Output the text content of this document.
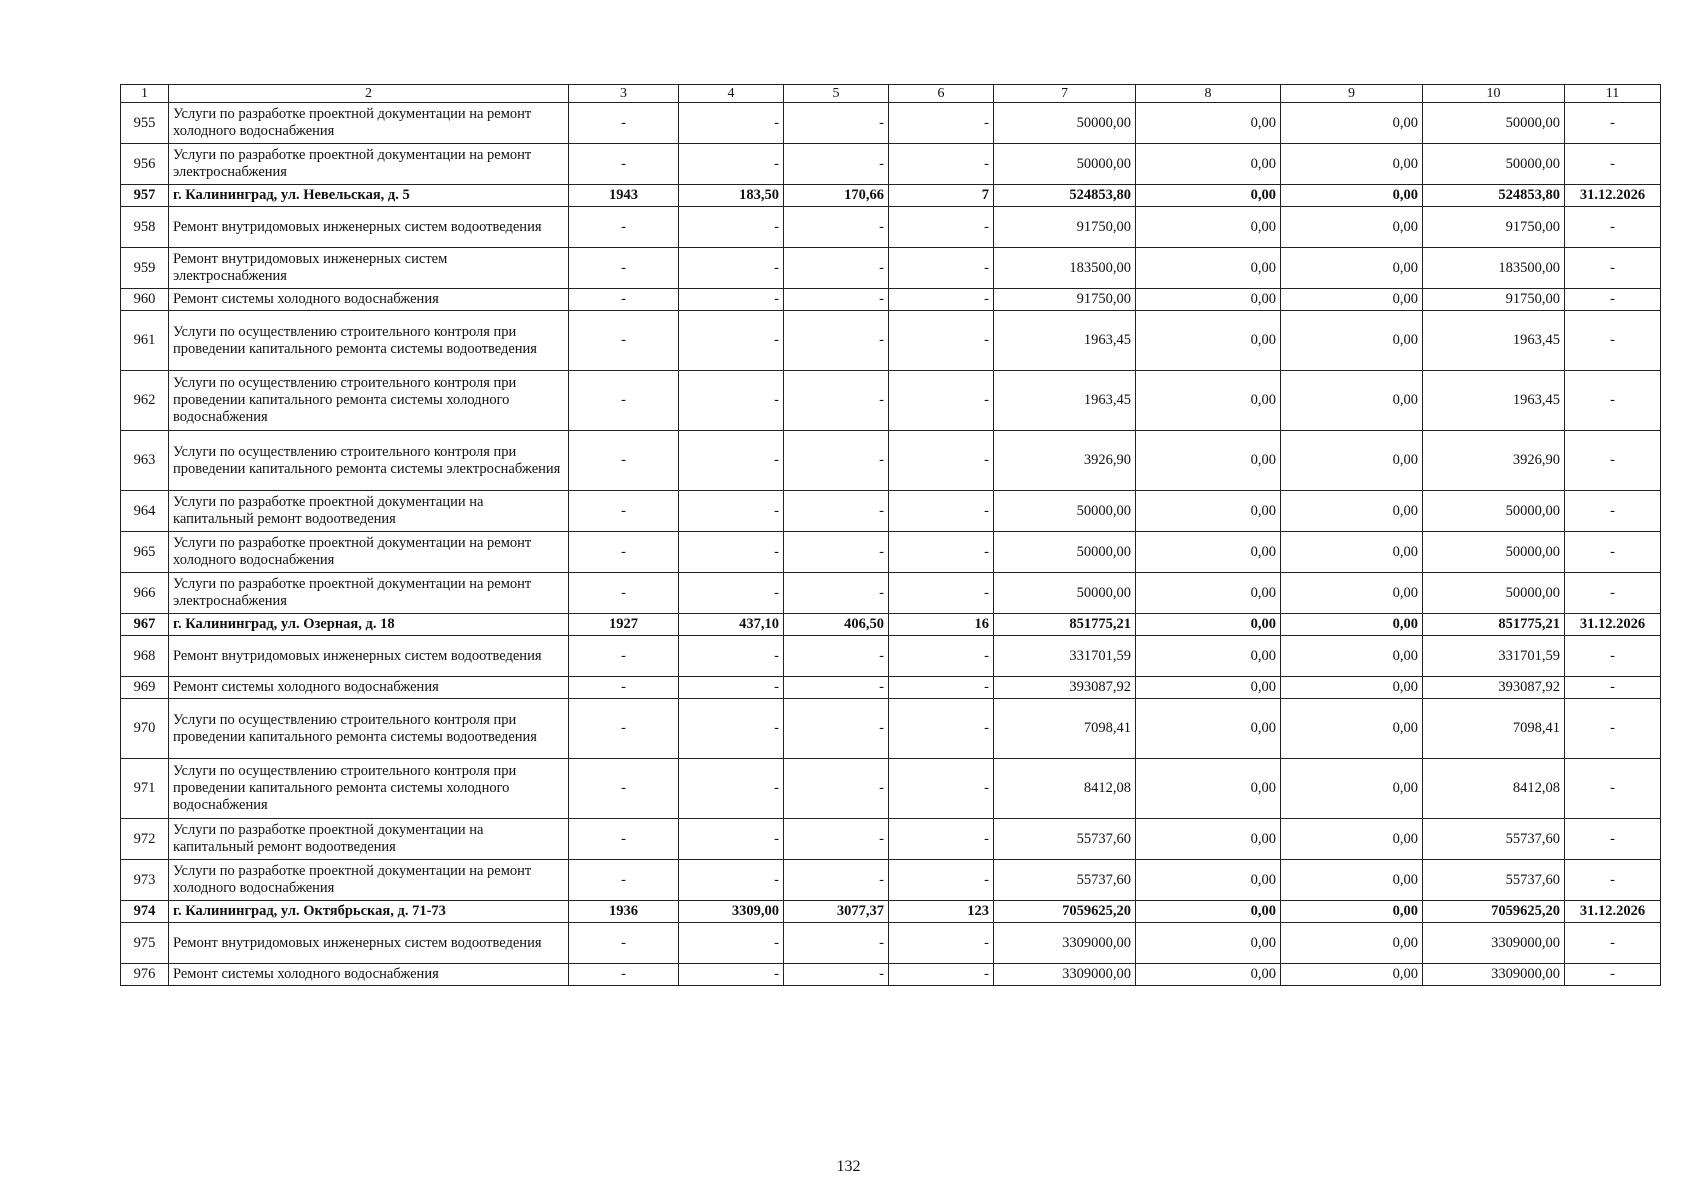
1	2	3	4	5	6	7	8	9	10	11
955	Услуги по разработке проектной документации на ремонт холодного водоснабжения	-	-	-	-	50000,00	0,00	0,00	50000,00	-
956	Услуги по разработке проектной документации на ремонт электроснабжения	-	-	-	-	50000,00	0,00	0,00	50000,00	-
957	г. Калининград, ул. Невельская, д. 5	1943	183,50	170,66	7	524853,80	0,00	0,00	524853,80	31.12.2026
958	Ремонт внутридомовых инженерных систем водоотведения	-	-	-	-	91750,00	0,00	0,00	91750,00	-
959	Ремонт внутридомовых инженерных систем электроснабжения	-	-	-	-	183500,00	0,00	0,00	183500,00	-
960	Ремонт системы холодного водоснабжения	-	-	-	-	91750,00	0,00	0,00	91750,00	-
961	Услуги по осуществлению строительного контроля при проведении капитального ремонта системы водоотведения	-	-	-	-	1963,45	0,00	0,00	1963,45	-
962	Услуги по осуществлению строительного контроля при проведении капитального ремонта системы холодного водоснабжения	-	-	-	-	1963,45	0,00	0,00	1963,45	-
963	Услуги по осуществлению строительного контроля при проведении капитального ремонта системы электроснабжения	-	-	-	-	3926,90	0,00	0,00	3926,90	-
964	Услуги по разработке проектной документации на капитальный ремонт водоотведения	-	-	-	-	50000,00	0,00	0,00	50000,00	-
965	Услуги по разработке проектной документации на ремонт холодного водоснабжения	-	-	-	-	50000,00	0,00	0,00	50000,00	-
966	Услуги по разработке проектной документации на ремонт электроснабжения	-	-	-	-	50000,00	0,00	0,00	50000,00	-
967	г. Калининград, ул. Озерная, д. 18	1927	437,10	406,50	16	851775,21	0,00	0,00	851775,21	31.12.2026
968	Ремонт внутридомовых инженерных систем водоотведения	-	-	-	-	331701,59	0,00	0,00	331701,59	-
969	Ремонт системы холодного водоснабжения	-	-	-	-	393087,92	0,00	0,00	393087,92	-
970	Услуги по осуществлению строительного контроля при проведении капитального ремонта системы водоотведения	-	-	-	-	7098,41	0,00	0,00	7098,41	-
971	Услуги по осуществлению строительного контроля при проведении капитального ремонта системы холодного водоснабжения	-	-	-	-	8412,08	0,00	0,00	8412,08	-
972	Услуги по разработке проектной документации на капитальный ремонт водоотведения	-	-	-	-	55737,60	0,00	0,00	55737,60	-
973	Услуги по разработке проектной документации на ремонт холодного водоснабжения	-	-	-	-	55737,60	0,00	0,00	55737,60	-
974	г. Калининград, ул. Октябрьская, д. 71-73	1936	3309,00	3077,37	123	7059625,20	0,00	0,00	7059625,20	31.12.2026
975	Ремонт внутридомовых инженерных систем водоотведения	-	-	-	-	3309000,00	0,00	0,00	3309000,00	-
976	Ремонт системы холодного водоснабжения	-	-	-	-	3309000,00	0,00	0,00	3309000,00	-
132
